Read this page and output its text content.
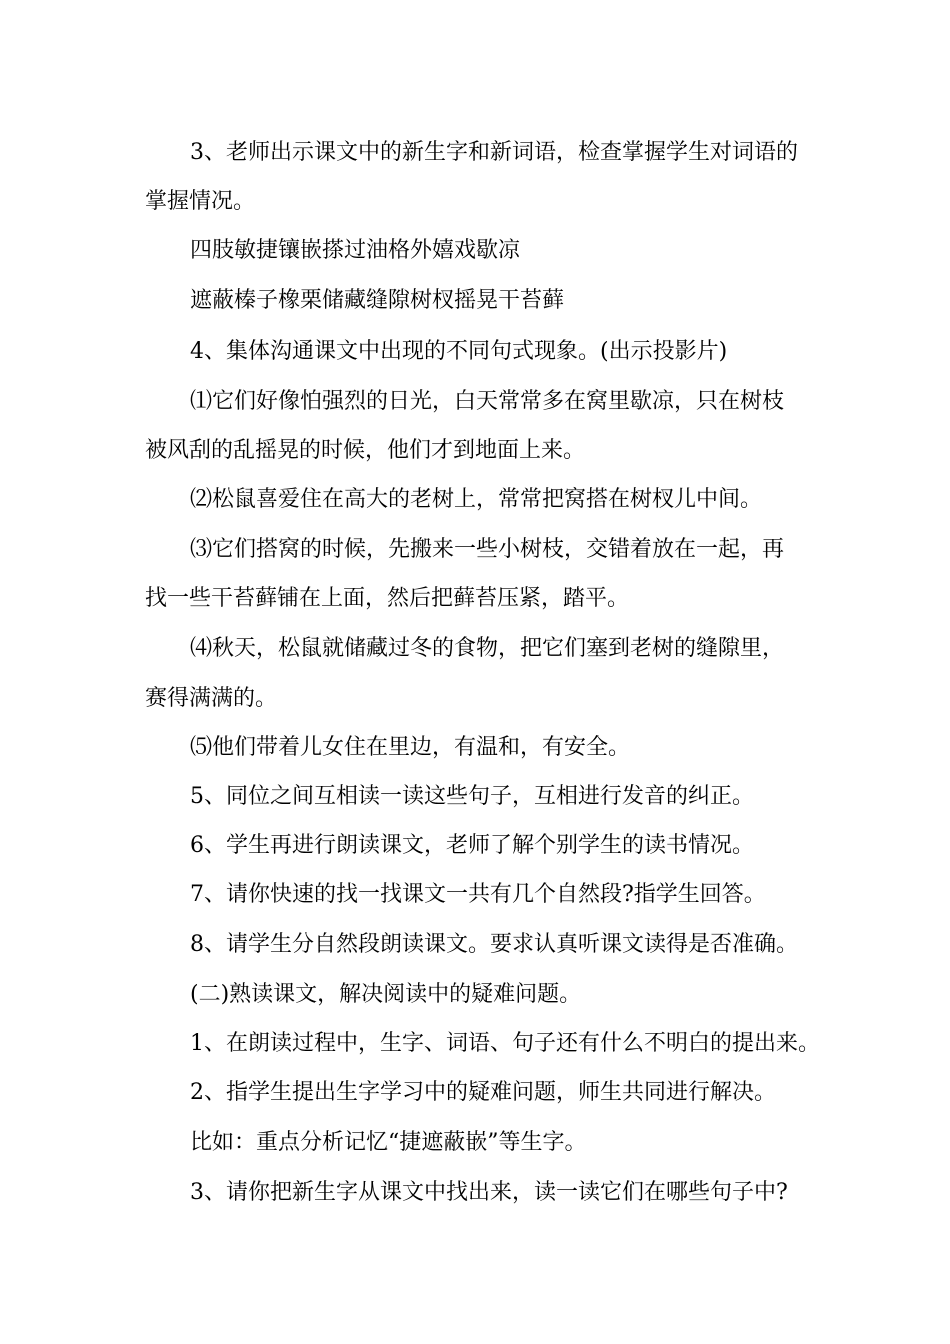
3、老师出示课文中的新生字和新词语，检查掌握学生对词语的

掌握情况。

四肢敏捷镶嵌搽过油格外嬉戏歇凉

遮蔽榛子橡栗储藏缝隙树杈摇晃干苔藓

4、集体沟通课文中出现的不同句式现象。(出示投影片)

⑴它们好像怕强烈的日光，白天常常多在窝里歇凉，只在树枝

被风刮的乱摇晃的时候，他们才到地面上来。

⑵松鼠喜爱住在高大的老树上，常常把窝搭在树杈儿中间。

⑶它们搭窝的时候，先搬来一些小树枝，交错着放在一起，再

找一些干苔藓铺在上面，然后把藓苔压紧，踏平。

⑷秋天，松鼠就储藏过冬的食物，把它们塞到老树的缝隙里，

赛得满满的。

⑸他们带着儿女住在里边，有温和，有安全。

5、同位之间互相读一读这些句子，互相进行发音的纠正。

6、学生再进行朗读课文，老师了解个别学生的读书情况。

7、请你快速的找一找课文一共有几个自然段?指学生回答。

8、请学生分自然段朗读课文。要求认真听课文读得是否准确。

(二)熟读课文，解决阅读中的疑难问题。

1、在朗读过程中，生字、词语、句子还有什么不明白的提出来。

2、指学生提出生字学习中的疑难问题，师生共同进行解决。

比如：重点分析记忆“捷遮蔽嵌”等生字。

3、请你把新生字从课文中找出来，读一读它们在哪些句子中?
